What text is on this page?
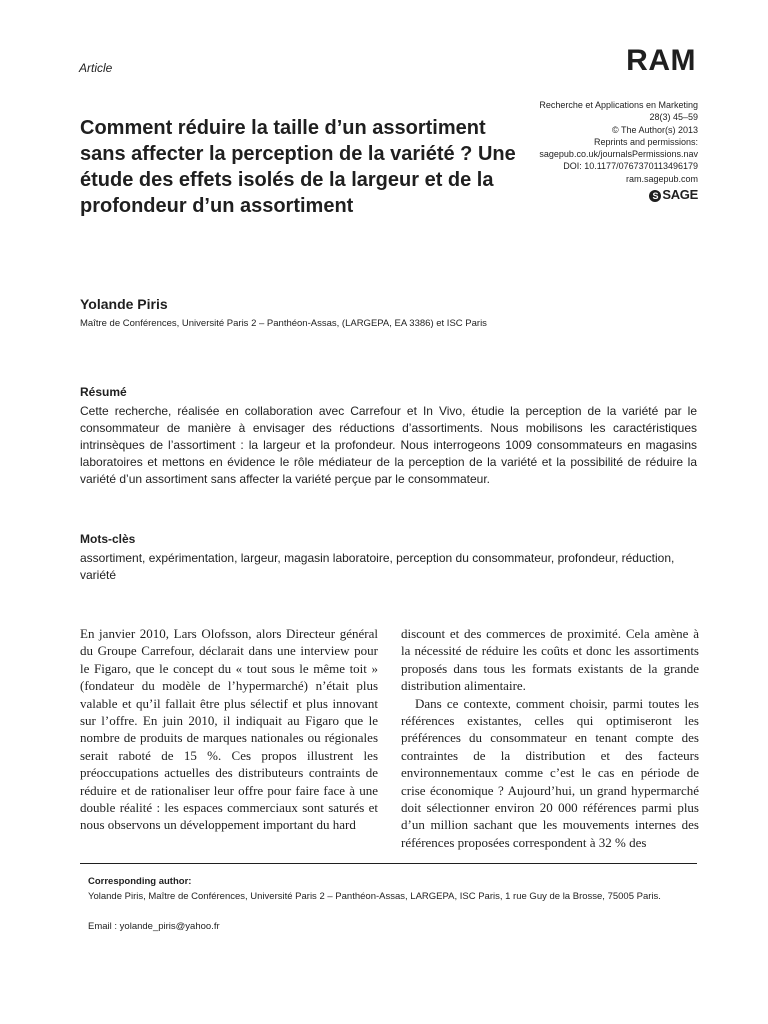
Article	RAM
Recherche et Applications en Marketing
28(3) 45–59
© The Author(s) 2013
Reprints and permissions:
sagepub.co.uk/journalsPermissions.nav
DOI: 10.1177/0767370113496179
ram.sagepub.com
S SAGE
Comment réduire la taille d’un assortiment sans affecter la perception de la variété ? Une étude des effets isolés de la largeur et de la profondeur d’un assortiment
Yolande Piris
Maître de Conférences, Université Paris 2 – Panthéon-Assas, (LARGEPA, EA 3386) et ISC Paris
Résumé
Cette recherche, réalisée en collaboration avec Carrefour et In Vivo, étudie la perception de la variété par le consommateur de manière à envisager des réductions d’assortiments. Nous mobilisons les caractéristiques intrinsèques de l’assortiment : la largeur et la profondeur. Nous interrogeons 1009 consommateurs en magasins laboratoires et mettons en évidence le rôle médiateur de la perception de la variété et la possibilité de réduire la variété d’un assortiment sans affecter la variété perçue par le consommateur.
Mots-clès
assortiment, expérimentation, largeur, magasin laboratoire, perception du consommateur, profondeur, réduction, variété
En janvier 2010, Lars Olofsson, alors Directeur général du Groupe Carrefour, déclarait dans une interview pour le Figaro, que le concept du « tout sous le même toit » (fondateur du modèle de l’hypermarché) n’était plus valable et qu’il fallait être plus sélectif et plus innovant sur l’offre. En juin 2010, il indiquait au Figaro que le nombre de produits de marques nationales ou régionales serait raboté de 15 %. Ces propos illustrent les préoccupations actuelles des distributeurs contraints de réduire et de rationaliser leur offre pour faire face à une double réalité : les espaces commerciaux sont saturés et nous observons un développement important du hard

discount et des commerces de proximité. Cela amène à la nécessité de réduire les coûts et donc les assortiments proposés dans tous les formats existants de la grande distribution alimentaire.

Dans ce contexte, comment choisir, parmi toutes les références existantes, celles qui optimiseront les préférences du consommateur en tenant compte des contraintes de la distribution et des facteurs environnementaux comme c’est le cas en période de crise économique ? Aujourd’hui, un grand hypermarché doit sélectionner environ 20 000 références parmi plus d’un million sachant que les mouvements internes des références proposées correspondent à 32 % des

Corresponding author:
Yolande Piris, Maître de Conférences, Université Paris 2 – Panthéon-Assas, LARGEPA, ISC Paris, 1 rue Guy de la Brosse, 75005 Paris.
Email : yolande_piris@yahoo.fr
